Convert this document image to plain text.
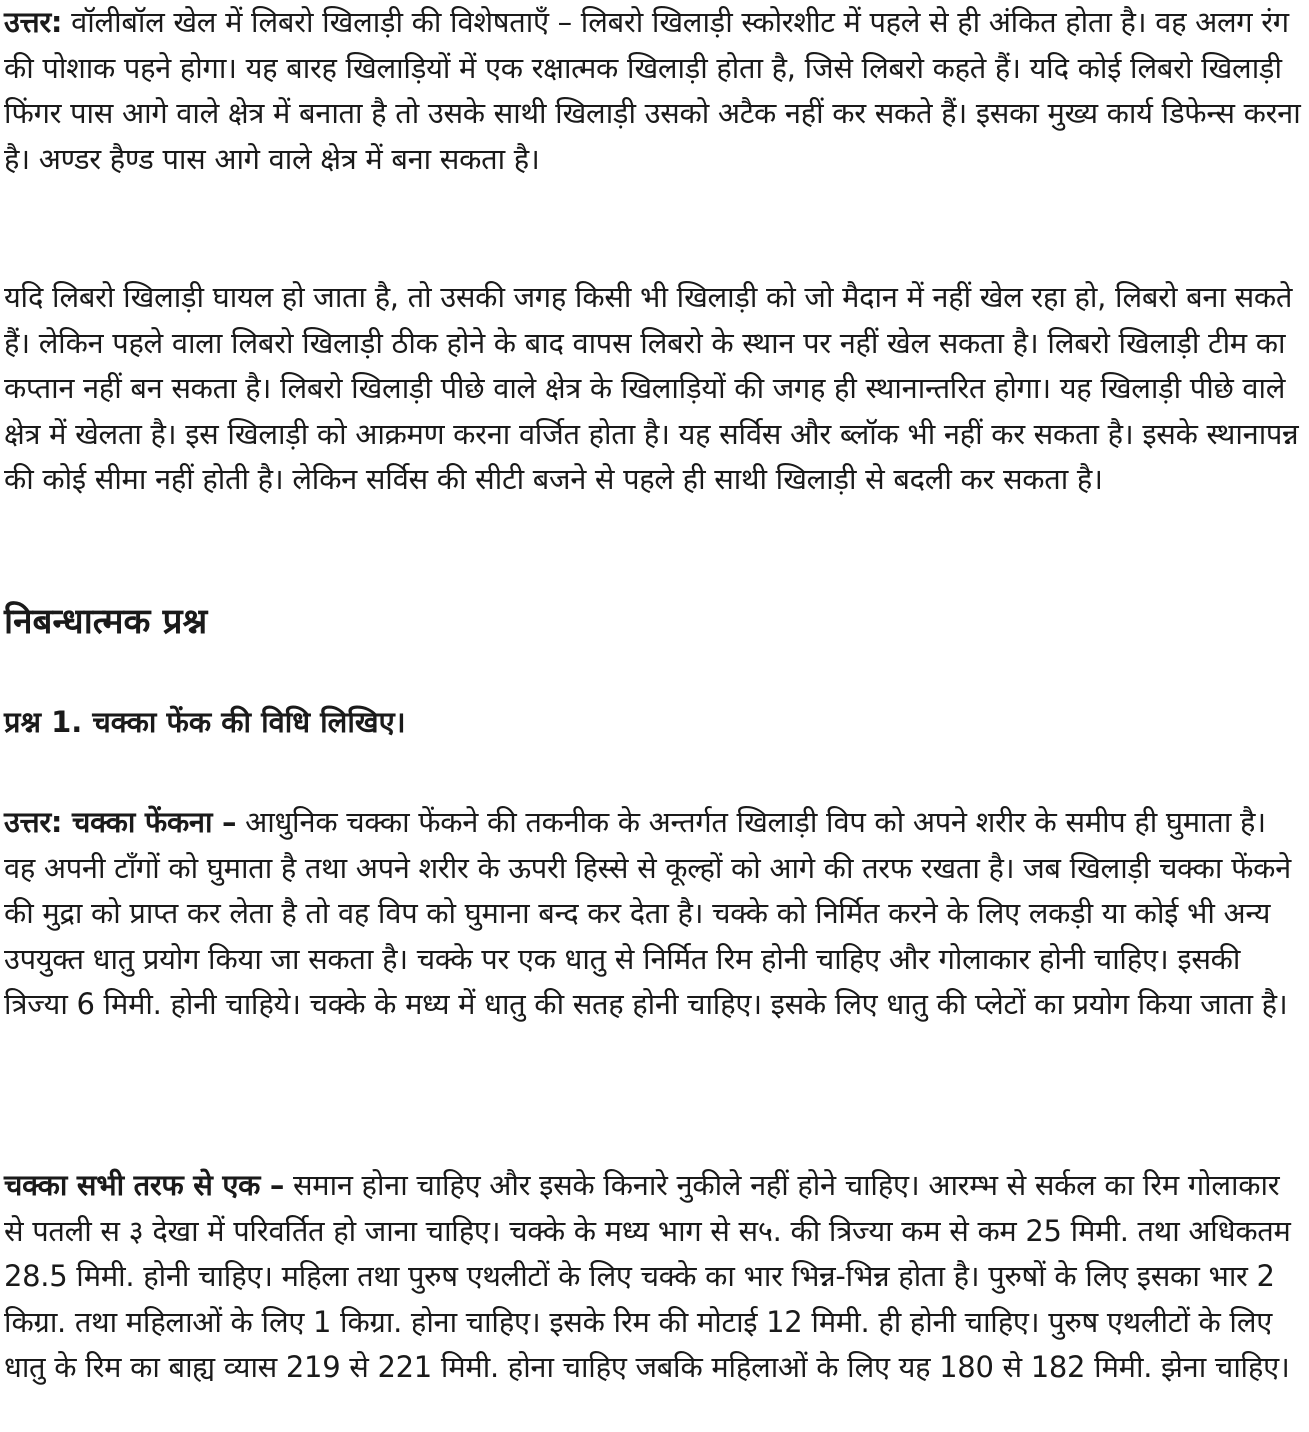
उत्तर: वॉलीबॉल खेल में लिबरो खिलाड़ी की विशेषताएँ – लिबरो खिलाड़ी स्कोरशीट में पहले से ही अंकित होता है। वह अलग रंग की पोशाक पहने होगा। यह बारह खिलाड़ियों में एक रक्षात्मक खिलाड़ी होता है, जिसे लिबरो कहते हैं। यदि कोई लिबरो खिलाड़ी फिंगर पास आगे वाले क्षेत्र में बनाता है तो उसके साथी खिलाड़ी उसको अटैक नहीं कर सकते हैं। इसका मुख्य कार्य डिफेन्स करना है। अण्डर हैण्ड पास आगे वाले क्षेत्र में बना सकता है।

यदि लिबरो खिलाड़ी घायल हो जाता है, तो उसकी जगह किसी भी खिलाड़ी को जो मैदान में नहीं खेल रहा हो, लिबरो बना सकते हैं। लेकिन पहले वाला लिबरो खिलाड़ी ठीक होने के बाद वापस लिबरो के स्थान पर नहीं खेल सकता है। लिबरो खिलाड़ी टीम का कप्तान नहीं बन सकता है। लिबरो खिलाड़ी पीछे वाले क्षेत्र के खिलाड़ियों की जगह ही स्थानान्तरित होगा। यह खिलाड़ी पीछे वाले क्षेत्र में खेलता है। इस खिलाड़ी को आक्रमण करना वर्जित होता है। यह सर्विस और ब्लॉक भी नहीं कर सकता है। इसके स्थानापन्न की कोई सीमा नहीं होती है। लेकिन सर्विस की सीटी बजने से पहले ही साथी खिलाड़ी से बदली कर सकता है।

निबन्धात्मक प्रश्न
प्रश्न 1. चक्का फेंक की विधि लिखिए।

उत्तर: चक्का फेंकना – आधुनिक चक्का फेंकने की तकनीक के अन्तर्गत खिलाड़ी विप को अपने शरीर के समीप ही घुमाता है। वह अपनी टाँगों को घुमाता है तथा अपने शरीर के ऊपरी हिस्से से कूल्हों को आगे की तरफ रखता है। जब खिलाड़ी चक्का फेंकने की मुद्रा को प्राप्त कर लेता है तो वह विप को घुमाना बन्द कर देता है। चक्के को निर्मित करने के लिए लकड़ी या कोई भी अन्य उपयुक्त धातु प्रयोग किया जा सकता है। चक्के पर एक धातु से निर्मित रिम होनी चाहिए और गोलाकार होनी चाहिए। इसकी त्रिज्या 6 मिमी. होनी चाहिये। चक्के के मध्य में धातु की सतह होनी चाहिए। इसके लिए धातु की प्लेटों का प्रयोग किया जाता है।

चक्का सभी तरफ से एक – समान होना चाहिए और इसके किनारे नुकीले नहीं होने चाहिए। आरम्भ से सर्कल का रिम गोलाकार से पतली स ३ देखा में परिवर्तित हो जाना चाहिए। चक्के के मध्य भाग से स५. की त्रिज्या कम से कम 25 मिमी. तथा अधिकतम 28.5 मिमी. होनी चाहिए। महिला तथा पुरुष एथलीटों के लिए चक्के का भार भिन्न-भिन्न होता है। पुरुषों के लिए इसका भार 2 किग्रा. तथा महिलाओं के लिए 1 किग्रा. होना चाहिए। इसके रिम की मोटाई 12 मिमी. ही होनी चाहिए। पुरुष एथलीटों के लिए धातु के रिम का बाह्य व्यास 219 से 221 मिमी. होना चाहिए जबकि महिलाओं के लिए यह 180 से 182 मिमी. झेना चाहिए।
